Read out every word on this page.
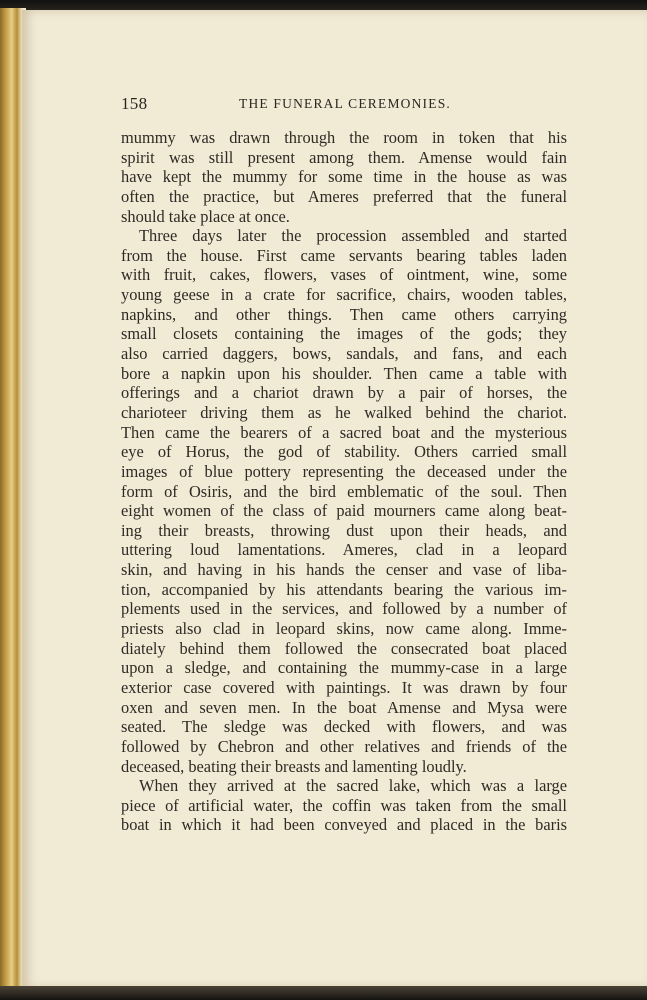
158	THE FUNERAL CEREMONIES.
mummy was drawn through the room in token that his
spirit was still present among them. Amense would fain
have kept the mummy for some time in the house as was
often the practice, but Ameres preferred that the funeral
should take place at once.
Three days later the procession assembled and started
from the house. First came servants bearing tables laden
with fruit, cakes, flowers, vases of ointment, wine, some
young geese in a crate for sacrifice, chairs, wooden tables,
napkins, and other things. Then came others carrying
small closets containing the images of the gods; they
also carried daggers, bows, sandals, and fans, and each
bore a napkin upon his shoulder. Then came a table with
offerings and a chariot drawn by a pair of horses, the
charioteer driving them as he walked behind the chariot.
Then came the bearers of a sacred boat and the mysterious
eye of Horus, the god of stability. Others carried small
images of blue pottery representing the deceased under the
form of Osiris, and the bird emblematic of the soul. Then
eight women of the class of paid mourners came along beat-
ing their breasts, throwing dust upon their heads, and
uttering loud lamentations. Ameres, clad in a leopard
skin, and having in his hands the censer and vase of liba-
tion, accompanied by his attendants bearing the various im-
plements used in the services, and followed by a number of
priests also clad in leopard skins, now came along. Imme-
diately behind them followed the consecrated boat placed
upon a sledge, and containing the mummy-case in a large
exterior case covered with paintings. It was drawn by four
oxen and seven men. In the boat Amense and Mysa were
seated. The sledge was decked with flowers, and was
followed by Chebron and other relatives and friends of the
deceased, beating their breasts and lamenting loudly.
When they arrived at the sacred lake, which was a large
piece of artificial water, the coffin was taken from the small
boat in which it had been conveyed and placed in the baris
